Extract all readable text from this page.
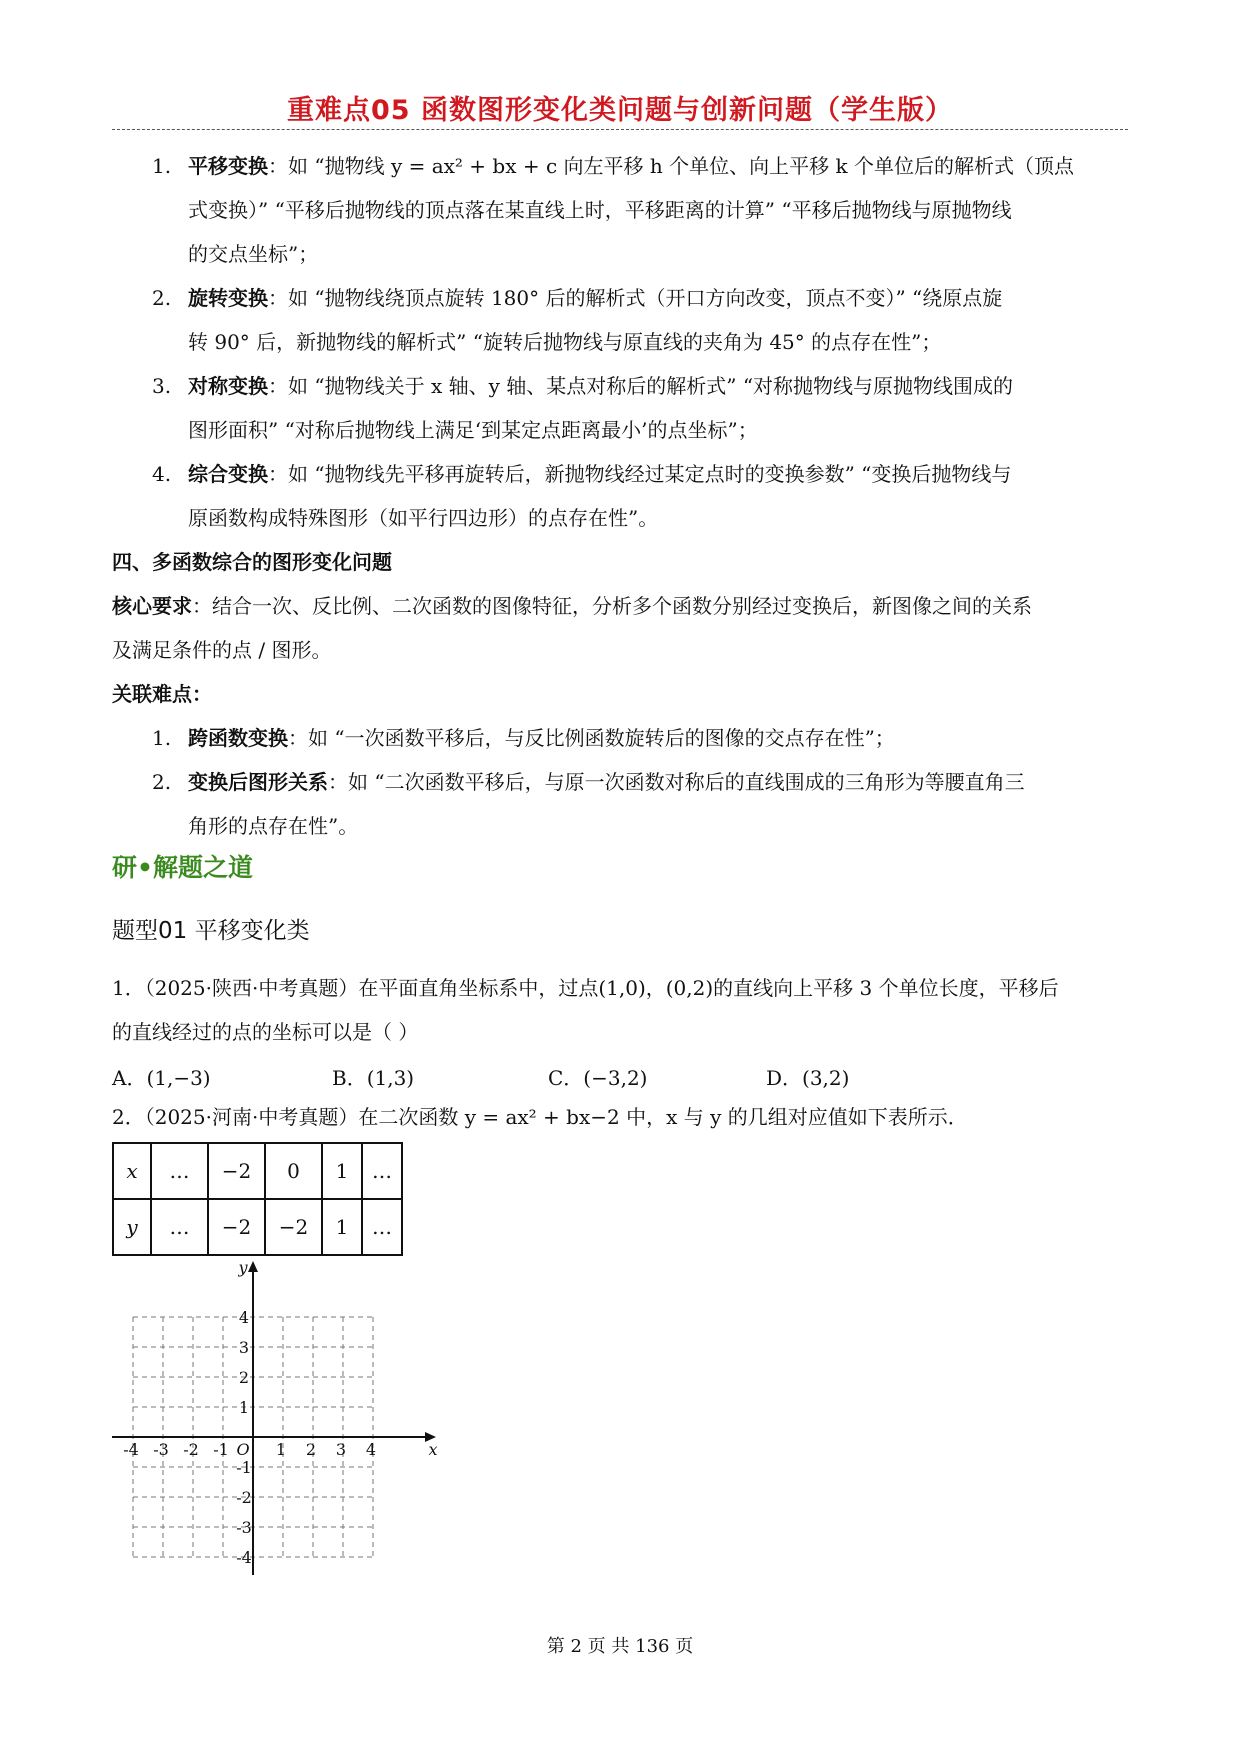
重难点05 函数图形变化类问题与创新问题（学生版）
1. 平移变换：如 “抛物线 y = ax² + bx + c 向左平移 h 个单位、向上平移 k 个单位后的解析式（顶点
式变换）” “平移后抛物线的顶点落在某直线上时，平移距离的计算” “平移后抛物线与原抛物线
的交点坐标”；
2. 旋转变换：如 “抛物线绕顶点旋转 180° 后的解析式（开口方向改变，顶点不变）” “绕原点旋
转 90° 后，新抛物线的解析式” “旋转后抛物线与原直线的夹角为 45° 的点存在性”；
3. 对称变换：如 “抛物线关于 x 轴、y 轴、某点对称后的解析式” “对称抛物线与原抛物线围成的
图形面积” “对称后抛物线上满足‘到某定点距离最小’的点坐标”；
4. 综合变换：如 “抛物线先平移再旋转后，新抛物线经过某定点时的变换参数” “变换后抛物线与
原函数构成特殊图形（如平行四边形）的点存在性”。
四、多函数综合的图形变化问题
核心要求：结合一次、反比例、二次函数的图像特征，分析多个函数分别经过变换后，新图像之间的关系
及满足条件的点 / 图形。
关联难点：
1. 跨函数变换：如 “一次函数平移后，与反比例函数旋转后的图像的交点存在性”；
2. 变换后图形关系：如 “二次函数平移后，与原一次函数对称后的直线围成的三角形为等腰直角三
角形的点存在性”。
研•解题之道
题型01 平移变化类
1．（2025·陕西·中考真题）在平面直角坐标系中，过点(1,0)，(0,2)的直线向上平移 3 个单位长度，平移后
的直线经过的点的坐标可以是（ ）
A．(1,−3)	B．(1,3)	C．(−3,2)	D．(3,2)
2．（2025·河南·中考真题）在二次函数 y = ax² + bx−2 中，x 与 y 的几组对应值如下表所示．
x	…	−2	0	1	…
y	…	−2	−2	1	…
-4 -3 -2 -1	1 2 3 4
4
3
2
1
-1
-2
-3
-4
O	x
y
第 2 页 共 136 页
